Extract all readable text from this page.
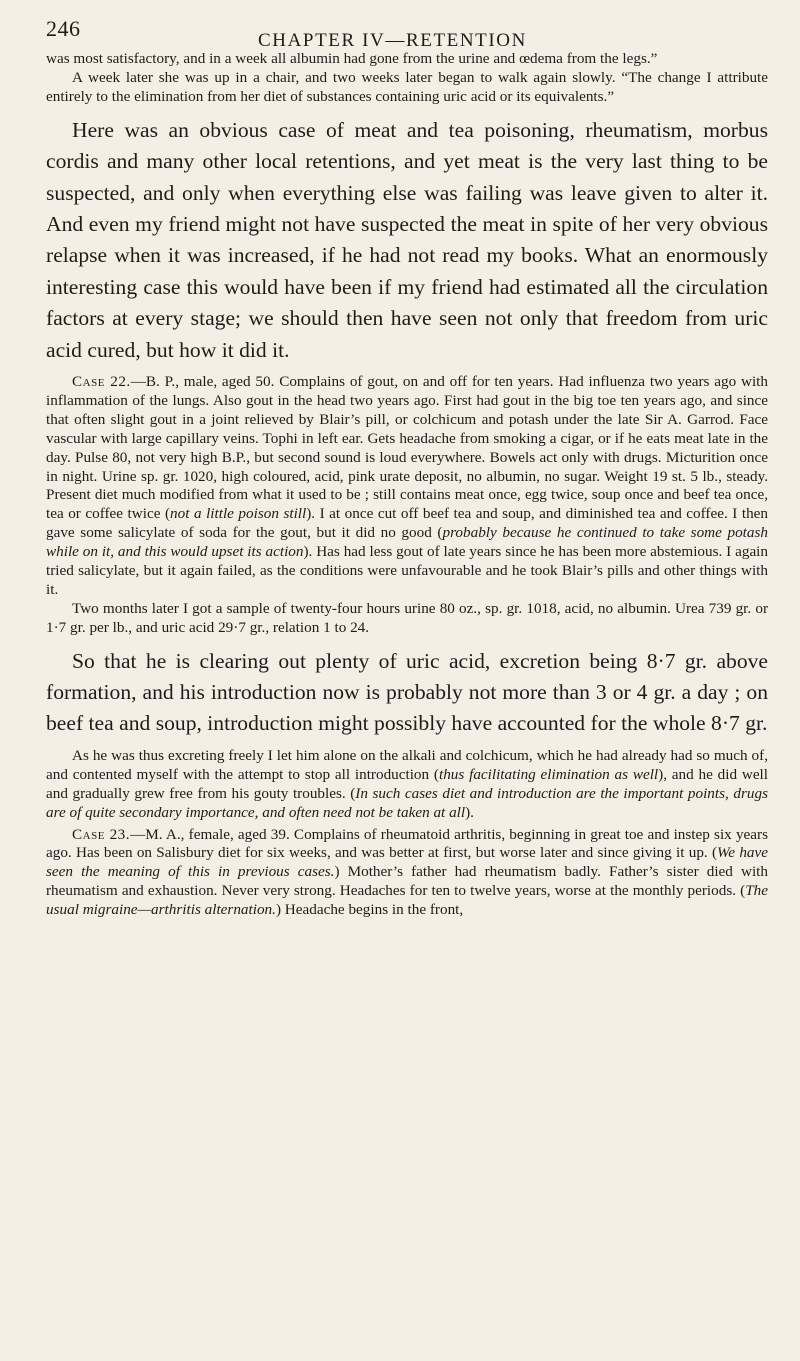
246	CHAPTER IV—RETENTION

was most satisfactory, and in a week all albumin had gone from the urine and œdema from the legs.”

A week later she was up in a chair, and two weeks later began to walk again slowly. “The change I attribute entirely to the elimination from her diet of substances containing uric acid or its equivalents.”

Here was an obvious case of meat and tea poisoning, rheumatism, morbus cordis and many other local retentions, and yet meat is the very last thing to be suspected, and only when everything else was failing was leave given to alter it. And even my friend might not have suspected the meat in spite of her very obvious relapse when it was increased, if he had not read my books. What an enormously interesting case this would have been if my friend had estimated all the circulation factors at every stage; we should then have seen not only that freedom from uric acid cured, but how it did it.

Case 22.—B. P., male, aged 50. Complains of gout, on and off for ten years. Had influenza two years ago with inflammation of the lungs. Also gout in the head two years ago. First had gout in the big toe ten years ago, and since that often slight gout in a joint relieved by Blair’s pill, or colchicum and potash under the late Sir A. Garrod. Face vascular with large capillary veins. Tophi in left ear. Gets headache from smoking a cigar, or if he eats meat late in the day. Pulse 80, not very high B.P., but second sound is loud everywhere. Bowels act only with drugs. Micturition once in night. Urine sp. gr. 1020, high coloured, acid, pink urate deposit, no albumin, no sugar. Weight 19 st. 5 lb., steady. Present diet much modified from what it used to be ; still contains meat once, egg twice, soup once and beef tea once, tea or coffee twice (not a little poison still). I at once cut off beef tea and soup, and diminished tea and coffee. I then gave some salicylate of soda for the gout, but it did no good (probably because he continued to take some potash while on it, and this would upset its action). Has had less gout of late years since he has been more abstemious. I again tried salicylate, but it again failed, as the conditions were unfavourable and he took Blair’s pills and other things with it.

Two months later I got a sample of twenty-four hours urine 80 oz., sp. gr. 1018, acid, no albumin. Urea 739 gr. or 1·7 gr. per lb., and uric acid 29·7 gr., relation 1 to 24.

So that he is clearing out plenty of uric acid, excretion being 8·7 gr. above formation, and his introduction now is probably not more than 3 or 4 gr. a day ; on beef tea and soup, introduction might possibly have accounted for the whole 8·7 gr.

As he was thus excreting freely I let him alone on the alkali and colchicum, which he had already had so much of, and contented myself with the attempt to stop all introduction (thus facilitating elimination as well), and he did well and gradually grew free from his gouty troubles. (In such cases diet and introduction are the important points, drugs are of quite secondary importance, and often need not be taken at all).

Case 23.—M. A., female, aged 39. Complains of rheumatoid arthritis, beginning in great toe and instep six years ago. Has been on Salisbury diet for six weeks, and was better at first, but worse later and since giving it up. (We have seen the meaning of this in previous cases.) Mother’s father had rheumatism badly. Father’s sister died with rheumatism and exhaustion. Never very strong. Headaches for ten to twelve years, worse at the monthly periods. (The usual migraine—arthritis alternation.) Headache begins in the front,
